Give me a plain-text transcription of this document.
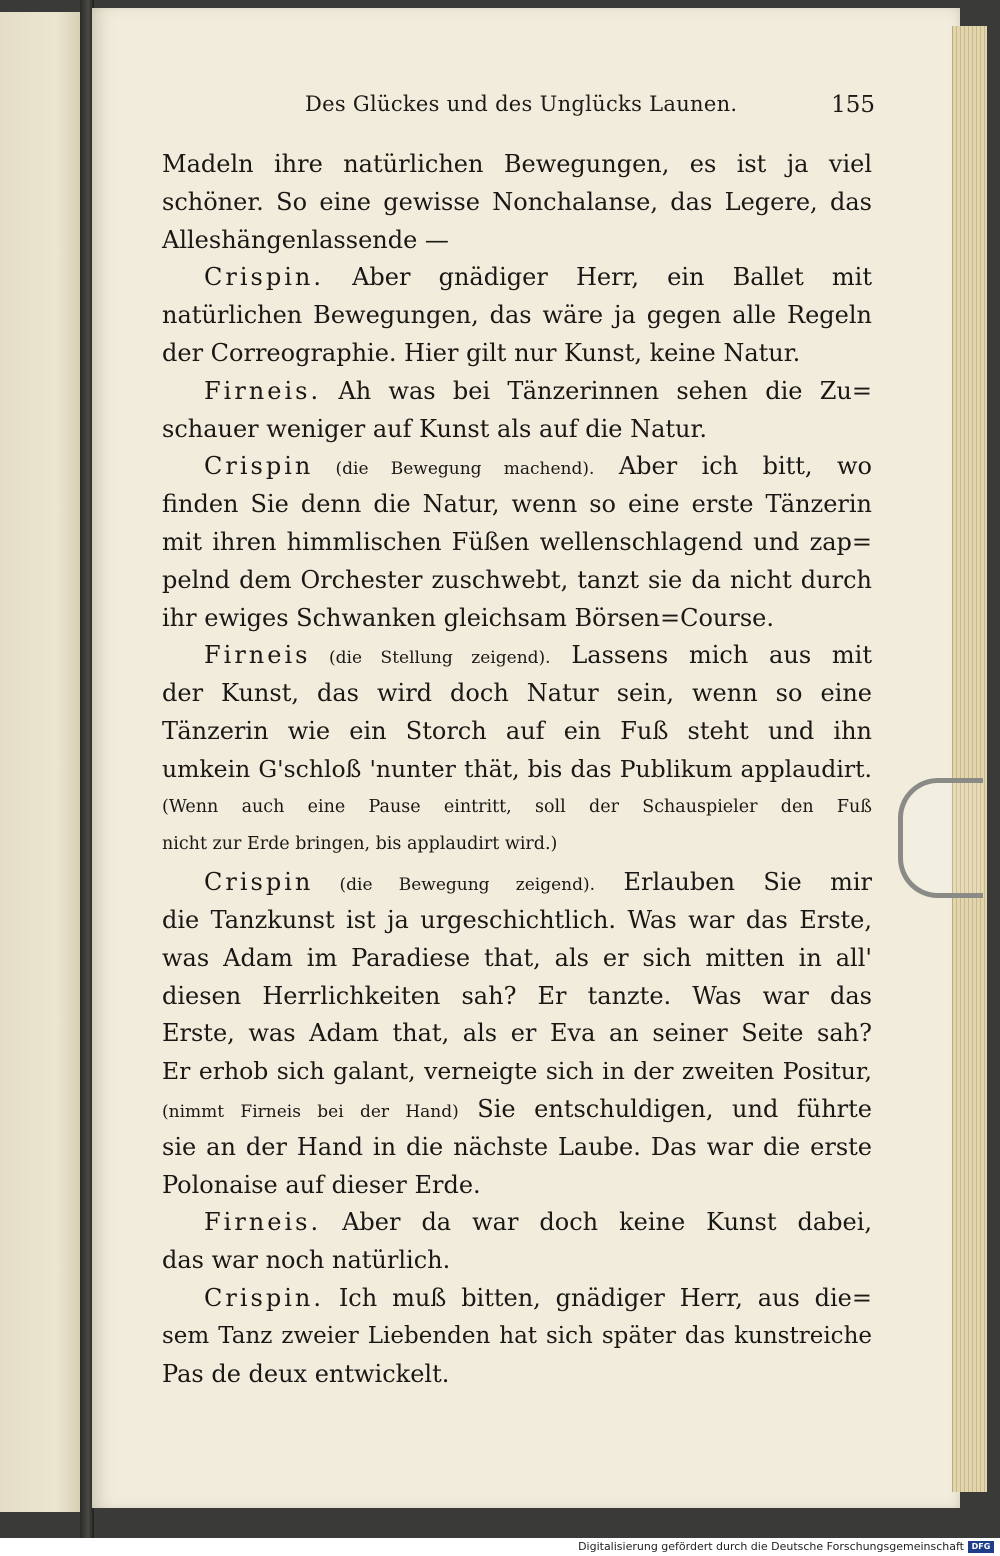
Des Glückes und des Unglücks Launen.	155
Madeln ihre natürlichen Bewegungen, es ist ja viel
schöner. So eine gewisse Nonchalanse, das Legere, das
Alleshängenlassende —
Crispin. Aber gnädiger Herr, ein Ballet mit
natürlichen Bewegungen, das wäre ja gegen alle Regeln
der Correographie. Hier gilt nur Kunst, keine Natur.
Firneis. Ah was bei Tänzerinnen sehen die Zu=
schauer weniger auf Kunst als auf die Natur.
Crispin (die Bewegung machend). Aber ich bitt, wo
finden Sie denn die Natur, wenn so eine erste Tänzerin
mit ihren himmlischen Füßen wellenschlagend und zap=
pelnd dem Orchester zuschwebt, tanzt sie da nicht durch
ihr ewiges Schwanken gleichsam Börsen=Course.
Firneis (die Stellung zeigend). Lassens mich aus mit
der Kunst, das wird doch Natur sein, wenn so eine
Tänzerin wie ein Storch auf ein Fuß steht und ihn
umkein G'schloß 'nunter thät, bis das Publikum applaudirt.
(Wenn auch eine Pause eintritt, soll der Schauspieler den Fuß
nicht zur Erde bringen, bis applaudirt wird.)
Crispin (die Bewegung zeigend). Erlauben Sie mir
die Tanzkunst ist ja urgeschichtlich. Was war das Erste,
was Adam im Paradiese that, als er sich mitten in all'
diesen Herrlichkeiten sah? Er tanzte. Was war das
Erste, was Adam that, als er Eva an seiner Seite sah?
Er erhob sich galant, verneigte sich in der zweiten Positur,
(nimmt Firneis bei der Hand) Sie entschuldigen, und führte
sie an der Hand in die nächste Laube. Das war die erste
Polonaise auf dieser Erde.
Firneis. Aber da war doch keine Kunst dabei,
das war noch natürlich.
Crispin. Ich muß bitten, gnädiger Herr, aus die=
sem Tanz zweier Liebenden hat sich später das kunstreiche
Pas de deux entwickelt.
Digitalisierung gefördert durch die Deutsche Forschungsgemeinschaft DFG
